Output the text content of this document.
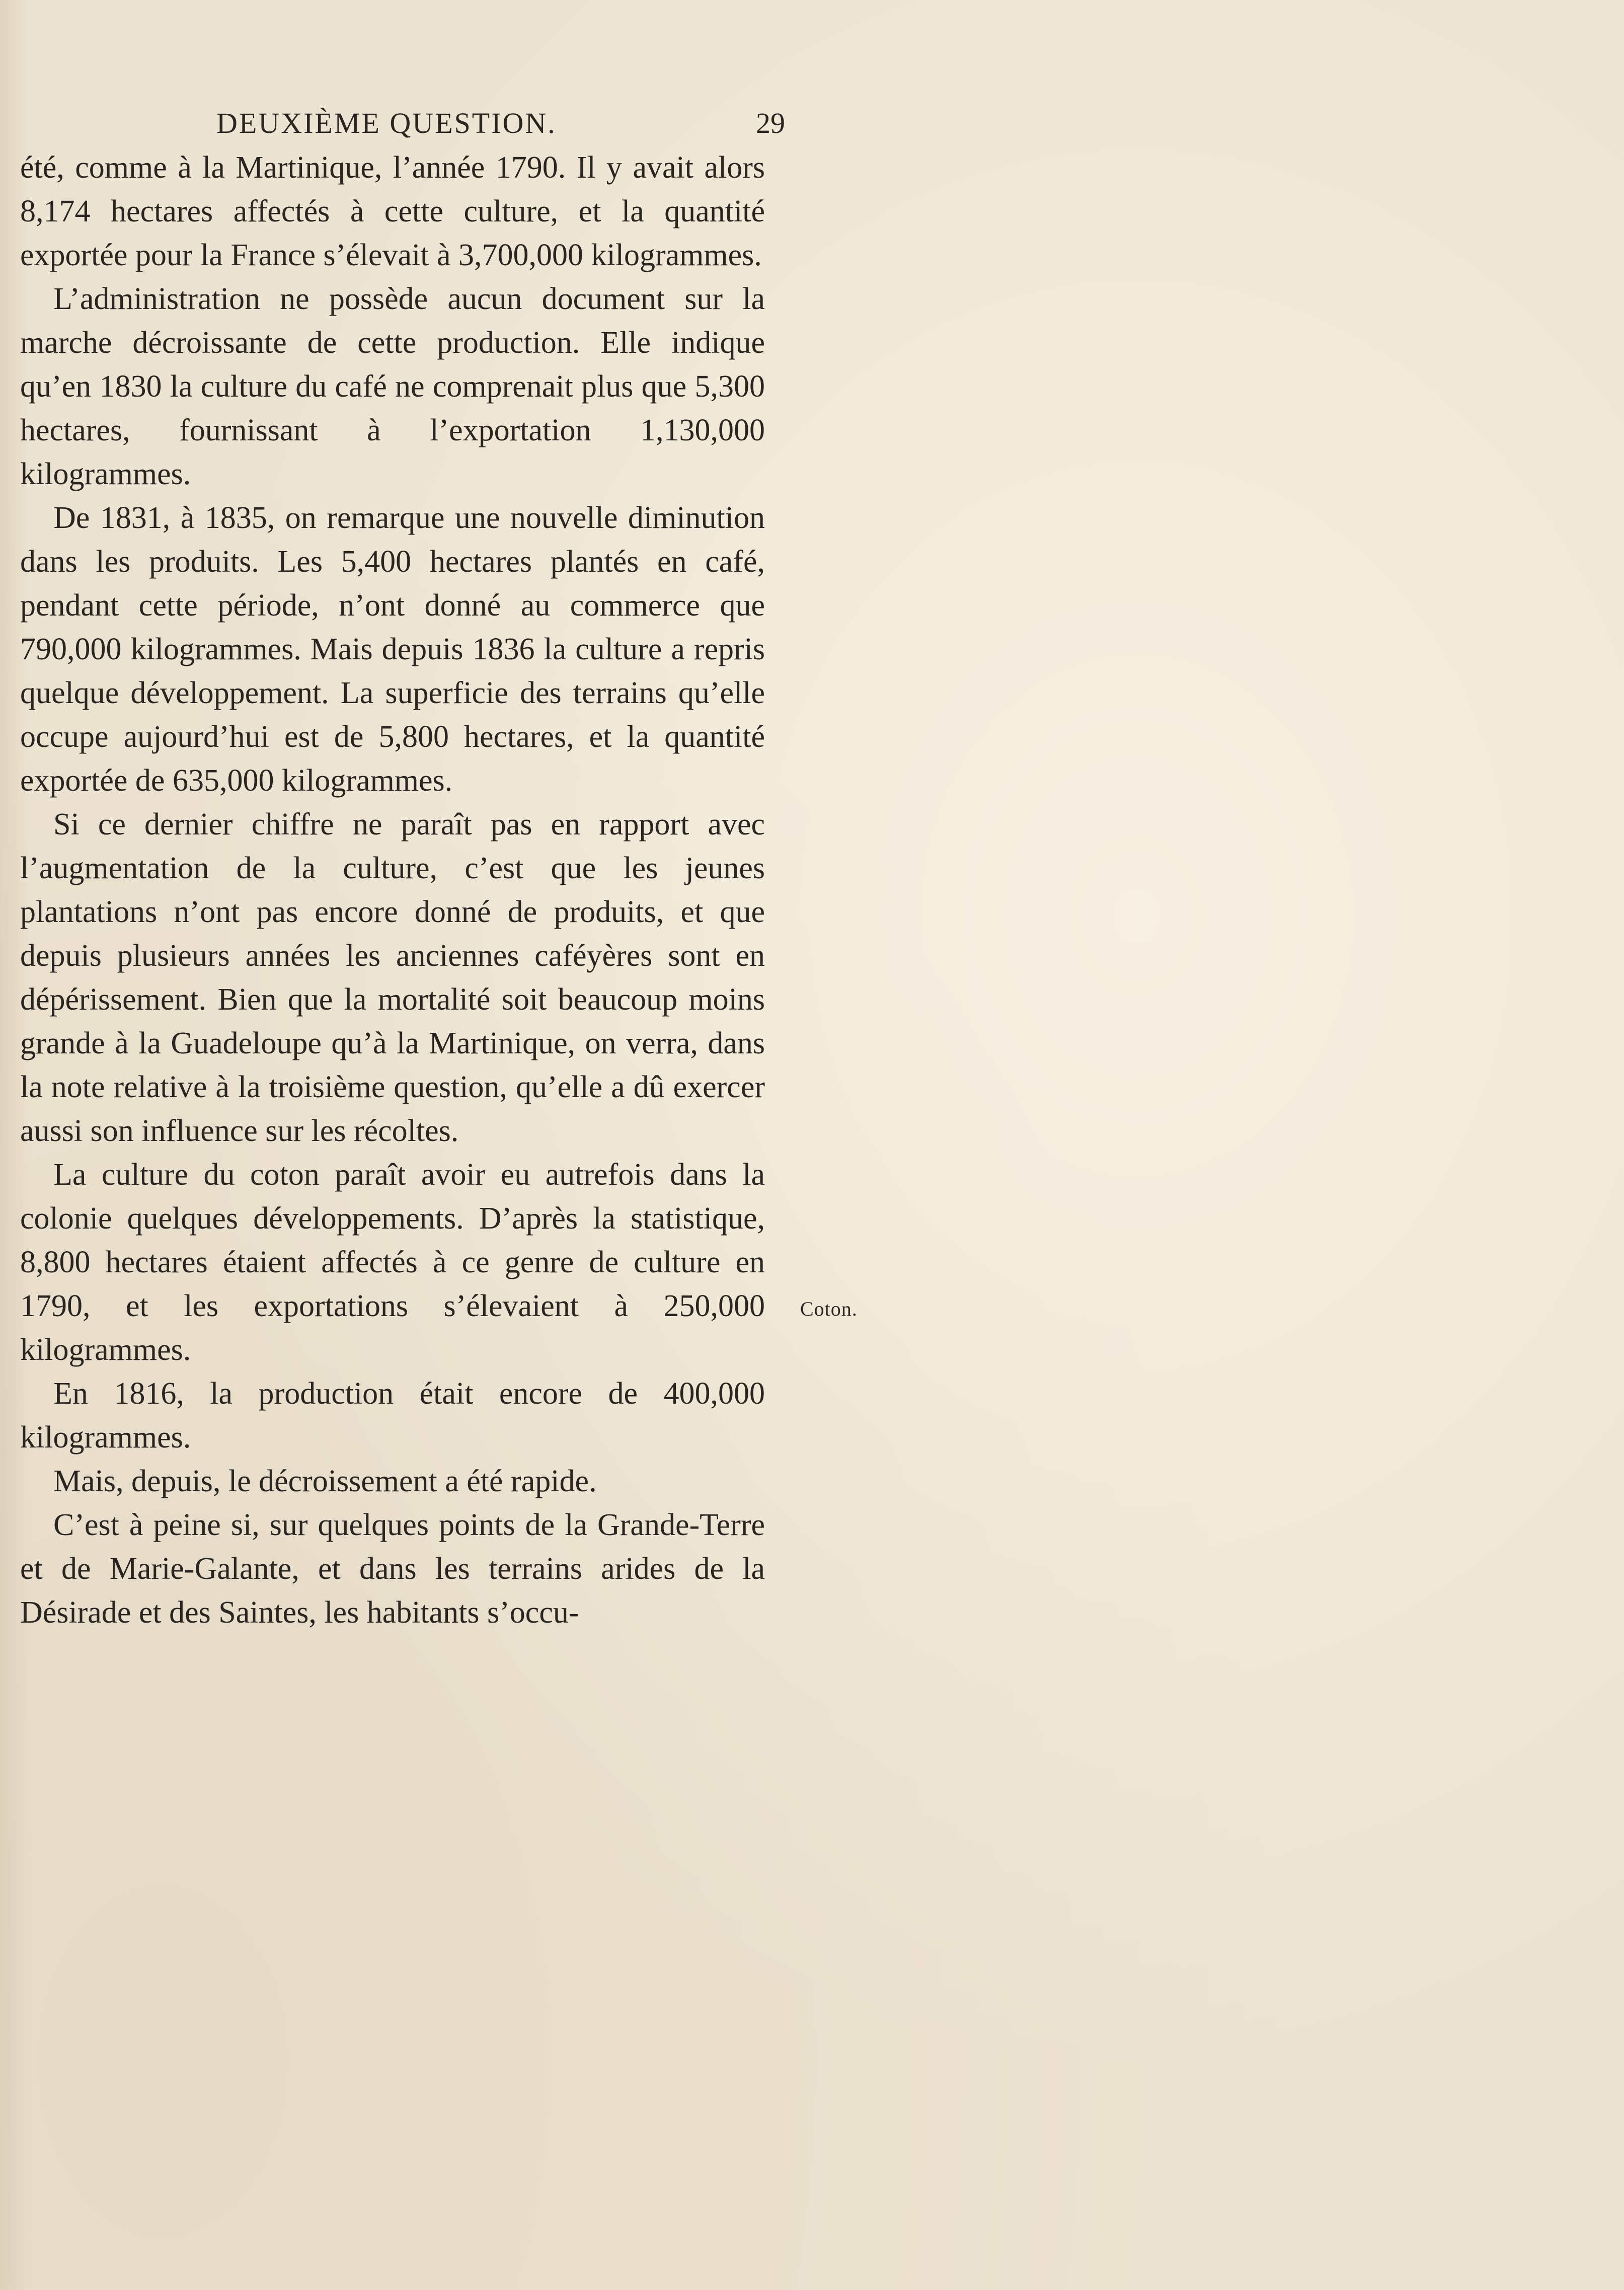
DEUXIÈME QUESTION.	29

été, comme à la Martinique, l’année 1790. Il y avait alors 8,174 hectares affectés à cette culture, et la quantité exportée pour la France s’élevait à 3,700,000 kilogrammes.

L’administration ne possède aucun document sur la marche décroissante de cette production. Elle indique qu’en 1830 la culture du café ne comprenait plus que 5,300 hectares, fournissant à l’exportation 1,130,000 kilogrammes.

De 1831, à 1835, on remarque une nouvelle diminution dans les produits. Les 5,400 hectares plantés en café, pendant cette période, n’ont donné au commerce que 790,000 kilogrammes. Mais depuis 1836 la culture a repris quelque développement. La superficie des terrains qu’elle occupe aujourd’hui est de 5,800 hectares, et la quantité exportée de 635,000 kilogrammes.

Si ce dernier chiffre ne paraît pas en rapport avec l’augmentation de la culture, c’est que les jeunes plantations n’ont pas encore donné de produits, et que depuis plusieurs années les anciennes caféyères sont en dépérissement. Bien que la mortalité soit beaucoup moins grande à la Guadeloupe qu’à la Martinique, on verra, dans la note relative à la troisième question, qu’elle a dû exercer aussi son influence sur les récoltes.

La culture du coton paraît avoir eu autrefois dans la colonie quelques développements. D’après la statistique, 8,800 hectares étaient affectés à ce genre de culture en 1790, et les exportations s’élevaient à 250,000 kilogrammes.

En 1816, la production était encore de 400,000 kilogrammes.

Mais, depuis, le décroissement a été rapide.

C’est à peine si, sur quelques points de la Grande-Terre et de Marie-Galante, et dans les terrains arides de la Désirade et des Saintes, les habitants s’occu-

Coton.
